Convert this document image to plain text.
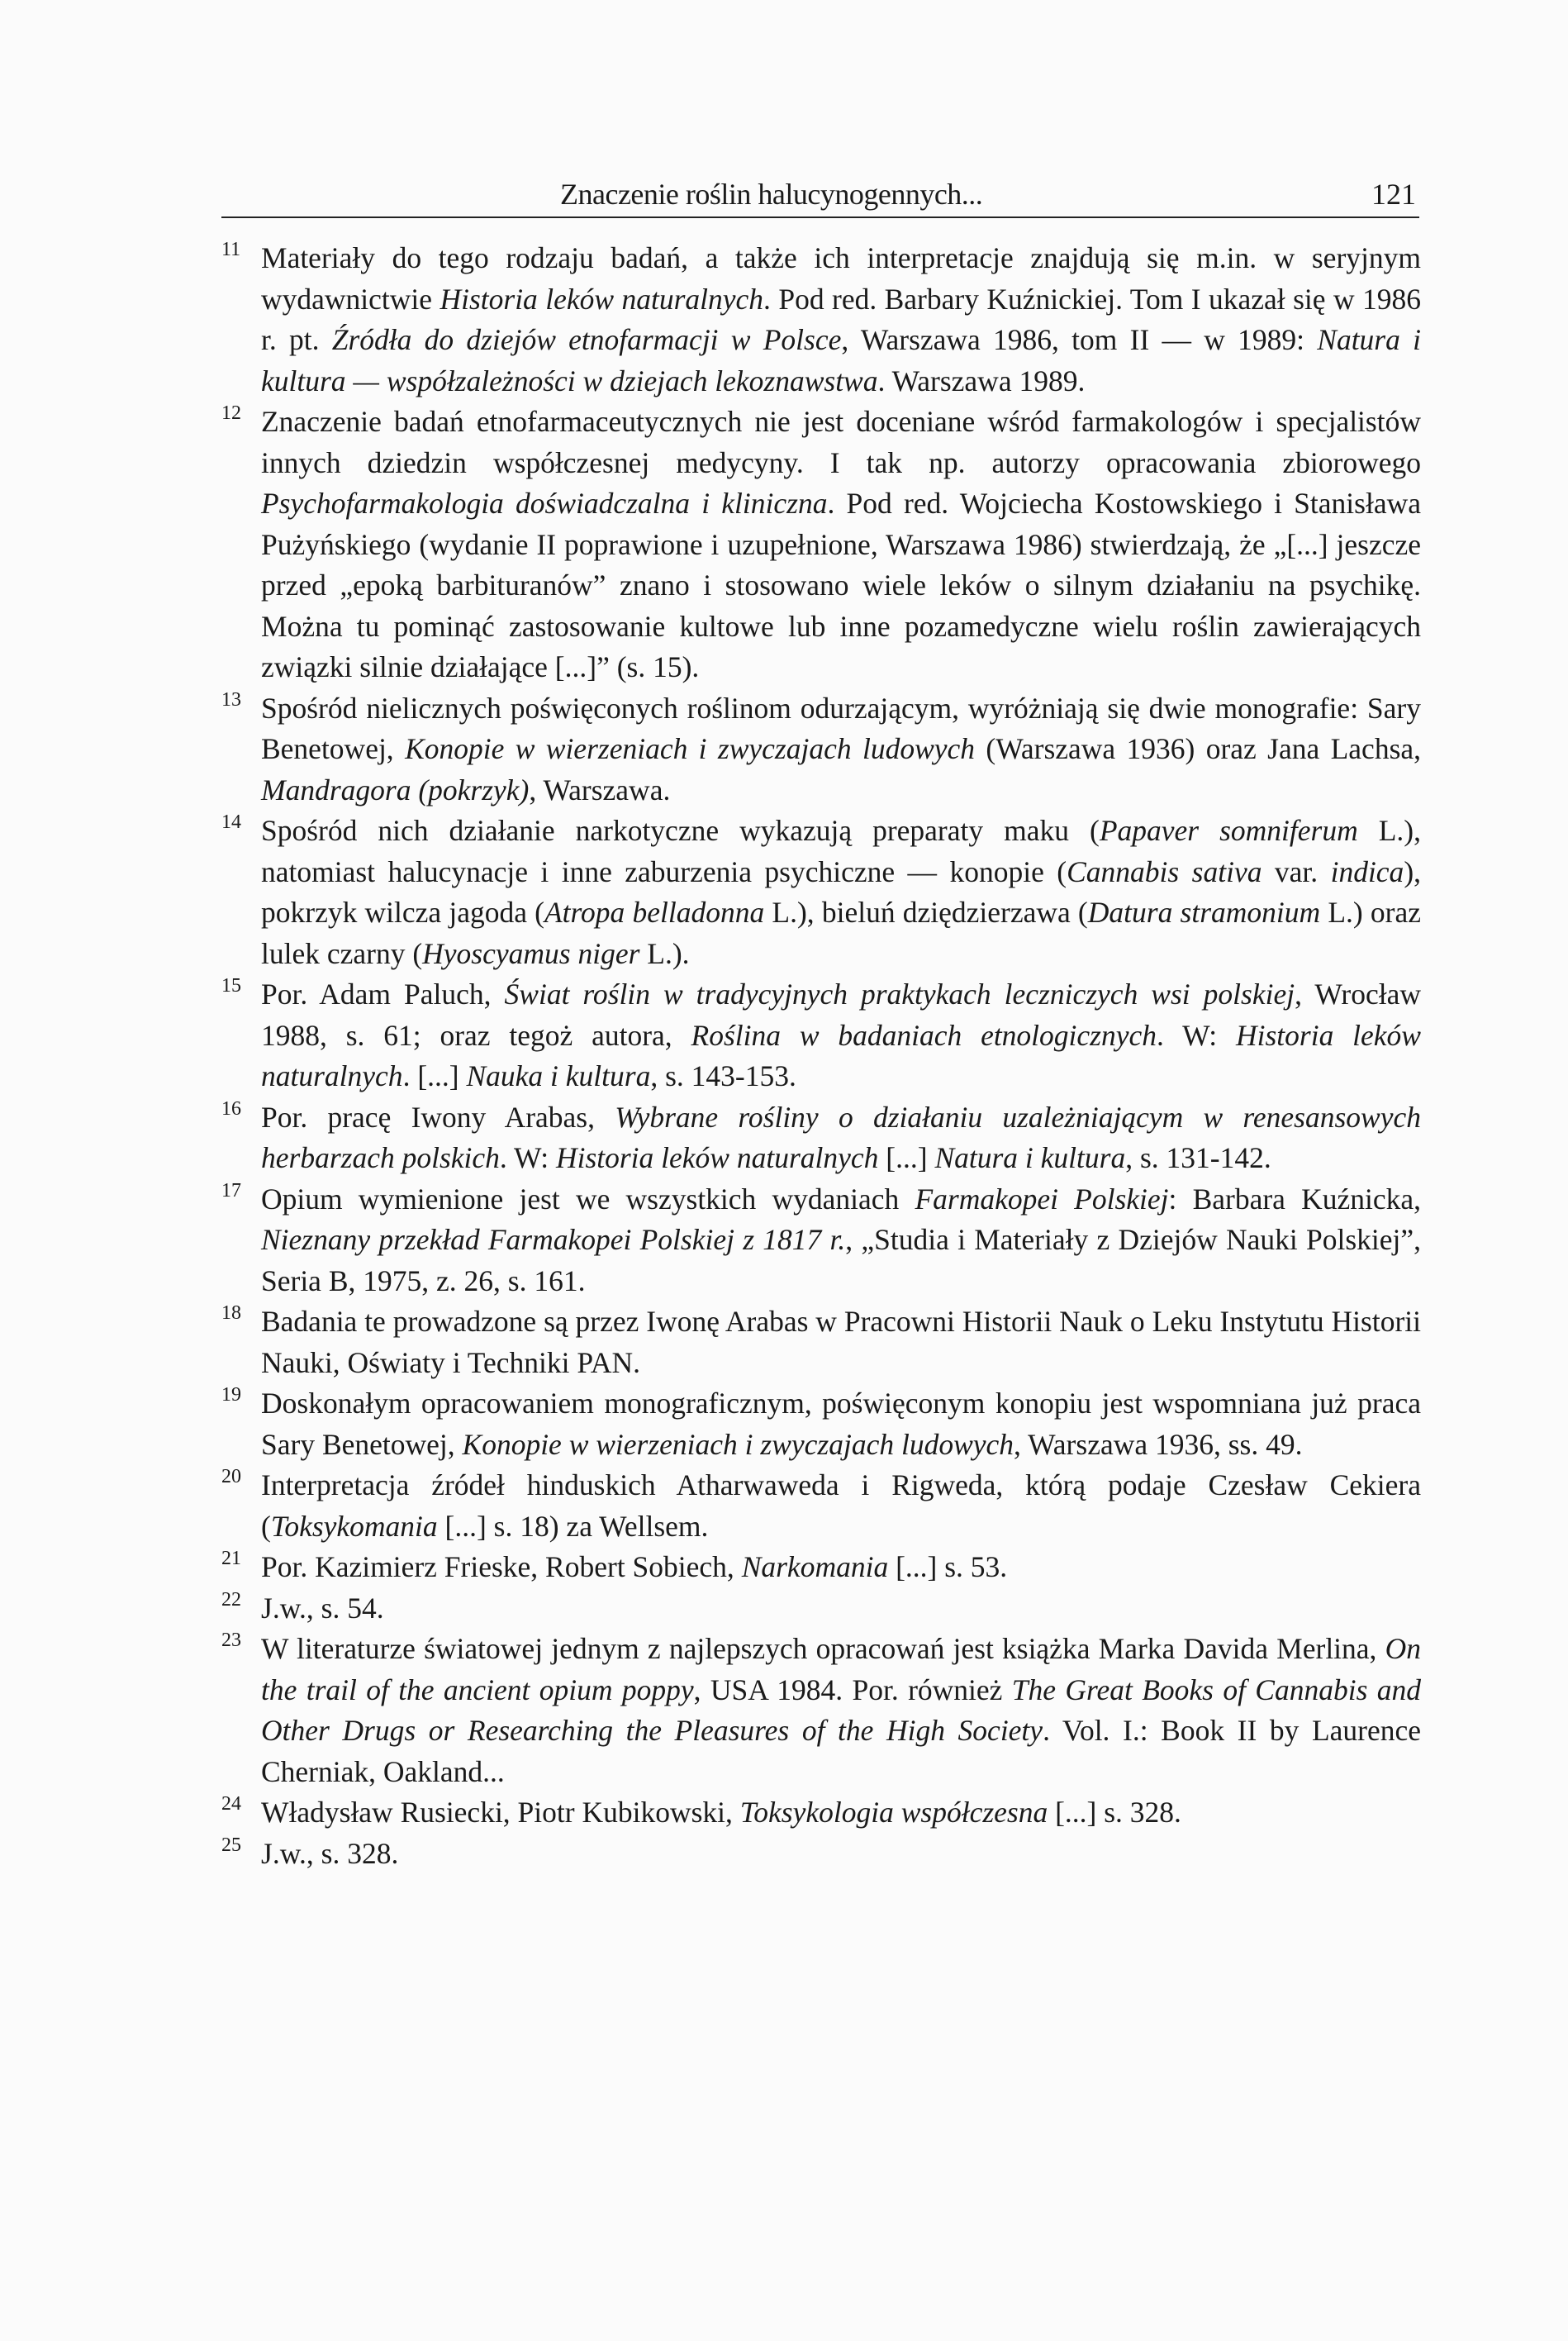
Znaczenie roślin halucynogennych...	121

11 Materiały do tego rodzaju badań, a także ich interpretacje znajdują się m.in. w seryjnym wydawnictwie Historia leków naturalnych. Pod red. Barbary Kuźnickiej. Tom I ukazał się w 1986 r. pt. Źródła do dziejów etnofarmacji w Polsce, Warszawa 1986, tom II — w 1989: Natura i kultura — współzależności w dziejach lekoznawstwa. Warszawa 1989.

12 Znaczenie badań etnofarmaceutycznych nie jest doceniane wśród farmakologów i specjalistów innych dziedzin współczesnej medycyny. I tak np. autorzy opracowania zbiorowego Psychofarmakologia doświadczalna i kliniczna. Pod red. Wojciecha Kostowskiego i Stanisława Pużyńskiego (wydanie II poprawione i uzupełnione, Warszawa 1986) stwierdzają, że „[...] jeszcze przed „epoką barbituranów” znano i stosowano wiele leków o silnym działaniu na psychikę. Można tu pominąć zastosowanie kultowe lub inne pozamedyczne wielu roślin zawierających związki silnie działające [...]” (s. 15).

13 Spośród nielicznych poświęconych roślinom odurzającym, wyróżniają się dwie monografie: Sary Benetowej, Konopie w wierzeniach i zwyczajach ludowych (Warszawa 1936) oraz Jana Lachsa, Mandragora (pokrzyk), Warszawa.

14 Spośród nich działanie narkotyczne wykazują preparaty maku (Papaver somniferum L.), natomiast halucynacje i inne zaburzenia psychiczne — konopie (Cannabis sativa var. indica), pokrzyk wilcza jagoda (Atropa belladonna L.), bieluń dziędzierzawa (Datura stramonium L.) oraz lulek czarny (Hyoscyamus niger L.).

15 Por. Adam Paluch, Świat roślin w tradycyjnych praktykach leczniczych wsi polskiej, Wrocław 1988, s. 61; oraz tegoż autora, Roślina w badaniach etnologicznych. W: Historia leków naturalnych. [...] Nauka i kultura, s. 143-153.

16 Por. pracę Iwony Arabas, Wybrane rośliny o działaniu uzależniającym w renesansowych herbarzach polskich. W: Historia leków naturalnych [...] Natura i kultura, s. 131-142.

17 Opium wymienione jest we wszystkich wydaniach Farmakopei Polskiej: Barbara Kuźnicka, Nieznany przekład Farmakopei Polskiej z 1817 r., „Studia i Materiały z Dziejów Nauki Polskiej”, Seria B, 1975, z. 26, s. 161.

18 Badania te prowadzone są przez Iwonę Arabas w Pracowni Historii Nauk o Leku Instytutu Historii Nauki, Oświaty i Techniki PAN.

19 Doskonałym opracowaniem monograficznym, poświęconym konopiu jest wspomniana już praca Sary Benetowej, Konopie w wierzeniach i zwyczajach ludowych, Warszawa 1936, ss. 49.

20 Interpretacja źródeł hinduskich Atharwaweda i Rigweda, którą podaje Czesław Cekiera (Toksykomania [...] s. 18) za Wellsem.

21 Por. Kazimierz Frieske, Robert Sobiech, Narkomania [...] s. 53.

22 J.w., s. 54.

23 W literaturze światowej jednym z najlepszych opracowań jest książka Marka Davida Merlina, On the trail of the ancient opium poppy, USA 1984. Por. również The Great Books of Cannabis and Other Drugs or Researching the Pleasures of the High Society. Vol. I.: Book II by Laurence Cherniak, Oakland...

24 Władysław Rusiecki, Piotr Kubikowski, Toksykologia współczesna [...] s. 328.

25 J.w., s. 328.
